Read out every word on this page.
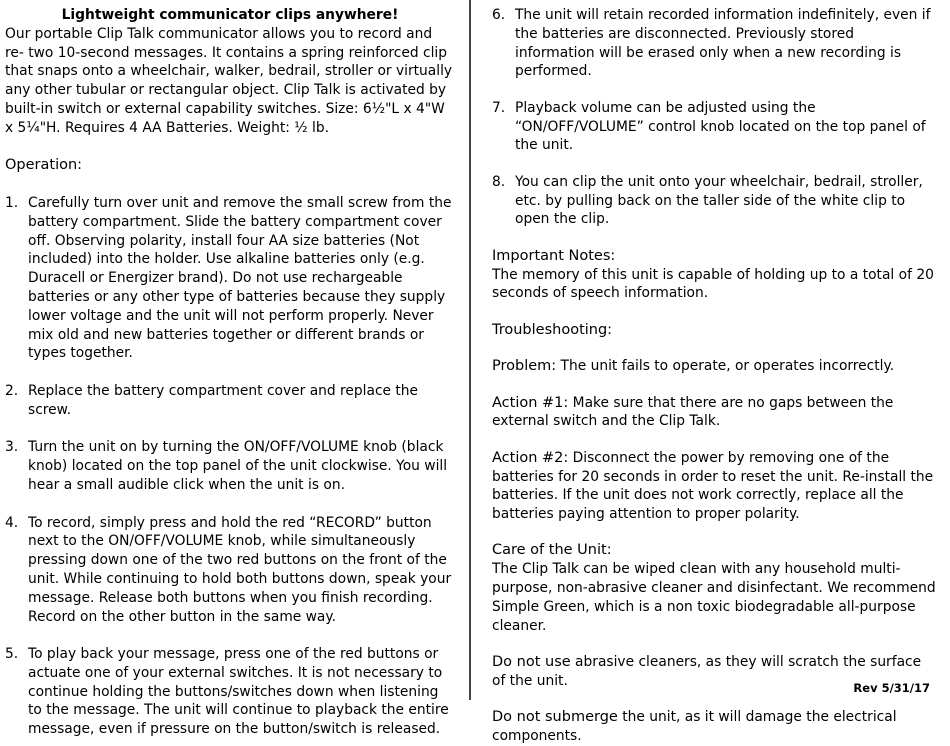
Lightweight communicator clips anywhere!

Our portable Clip Talk communicator allows you to record and re- two 10-second messages. It contains a spring reinforced clip that snaps onto a wheelchair, walker, bedrail, stroller or virtually any other tubular or rectangular object. Clip Talk is activated by built-in switch or external capability switches. Size: 6½"L x 4"W x 5¼"H. Requires 4 AA Batteries. Weight: ½ lb.

Operation:

1. Carefully turn over unit and remove the small screw from the battery compartment. Slide the battery compartment cover off. Observing polarity, install four AA size batteries (Not included) into the holder. Use alkaline batteries only (e.g. Duracell or Energizer brand). Do not use rechargeable batteries or any other type of batteries because they supply lower voltage and the unit will not perform properly. Never mix old and new batteries together or different brands or types together.
2. Replace the battery compartment cover and replace the screw.
3. Turn the unit on by turning the ON/OFF/VOLUME knob (black knob) located on the top panel of the unit clockwise. You will hear a small audible click when the unit is on.
4. To record, simply press and hold the red “RECORD” button next to the ON/OFF/VOLUME knob, while simultaneously pressing down one of the two red buttons on the front of the unit. While continuing to hold both buttons down, speak your message. Release both buttons when you finish recording. Record on the other button in the same way.
5. To play back your message, press one of the red buttons or actuate one of your external switches. It is not necessary to continue holding the buttons/switches down when listening to the message. The unit will continue to playback the entire message, even if pressure on the button/switch is released.
6. The unit will retain recorded information indefinitely, even if the batteries are disconnected. Previously stored information will be erased only when a new recording is performed.
7. Playback volume can be adjusted using the “ON/OFF/VOLUME” control knob located on the top panel of the unit.
8. You can clip the unit onto your wheelchair, bedrail, stroller, etc. by pulling back on the taller side of the white clip to open the clip.

Important Notes:

The memory of this unit is capable of holding up to a total of 20 seconds of speech information.

Troubleshooting:

Problem: The unit fails to operate, or operates incorrectly.

Action #1: Make sure that there are no gaps between the external switch and the Clip Talk.

Action #2: Disconnect the power by removing one of the batteries for 20 seconds in order to reset the unit. Re-install the batteries. If the unit does not work correctly, replace all the batteries paying attention to proper polarity.

Care of the Unit:

The Clip Talk can be wiped clean with any household multi-purpose, non-abrasive cleaner and disinfectant. We recommend Simple Green, which is a non toxic biodegradable all-purpose cleaner.

Do not use abrasive cleaners, as they will scratch the surface of the unit.

Do not submerge the unit, as it will damage the electrical components.

Rev 5/31/17
